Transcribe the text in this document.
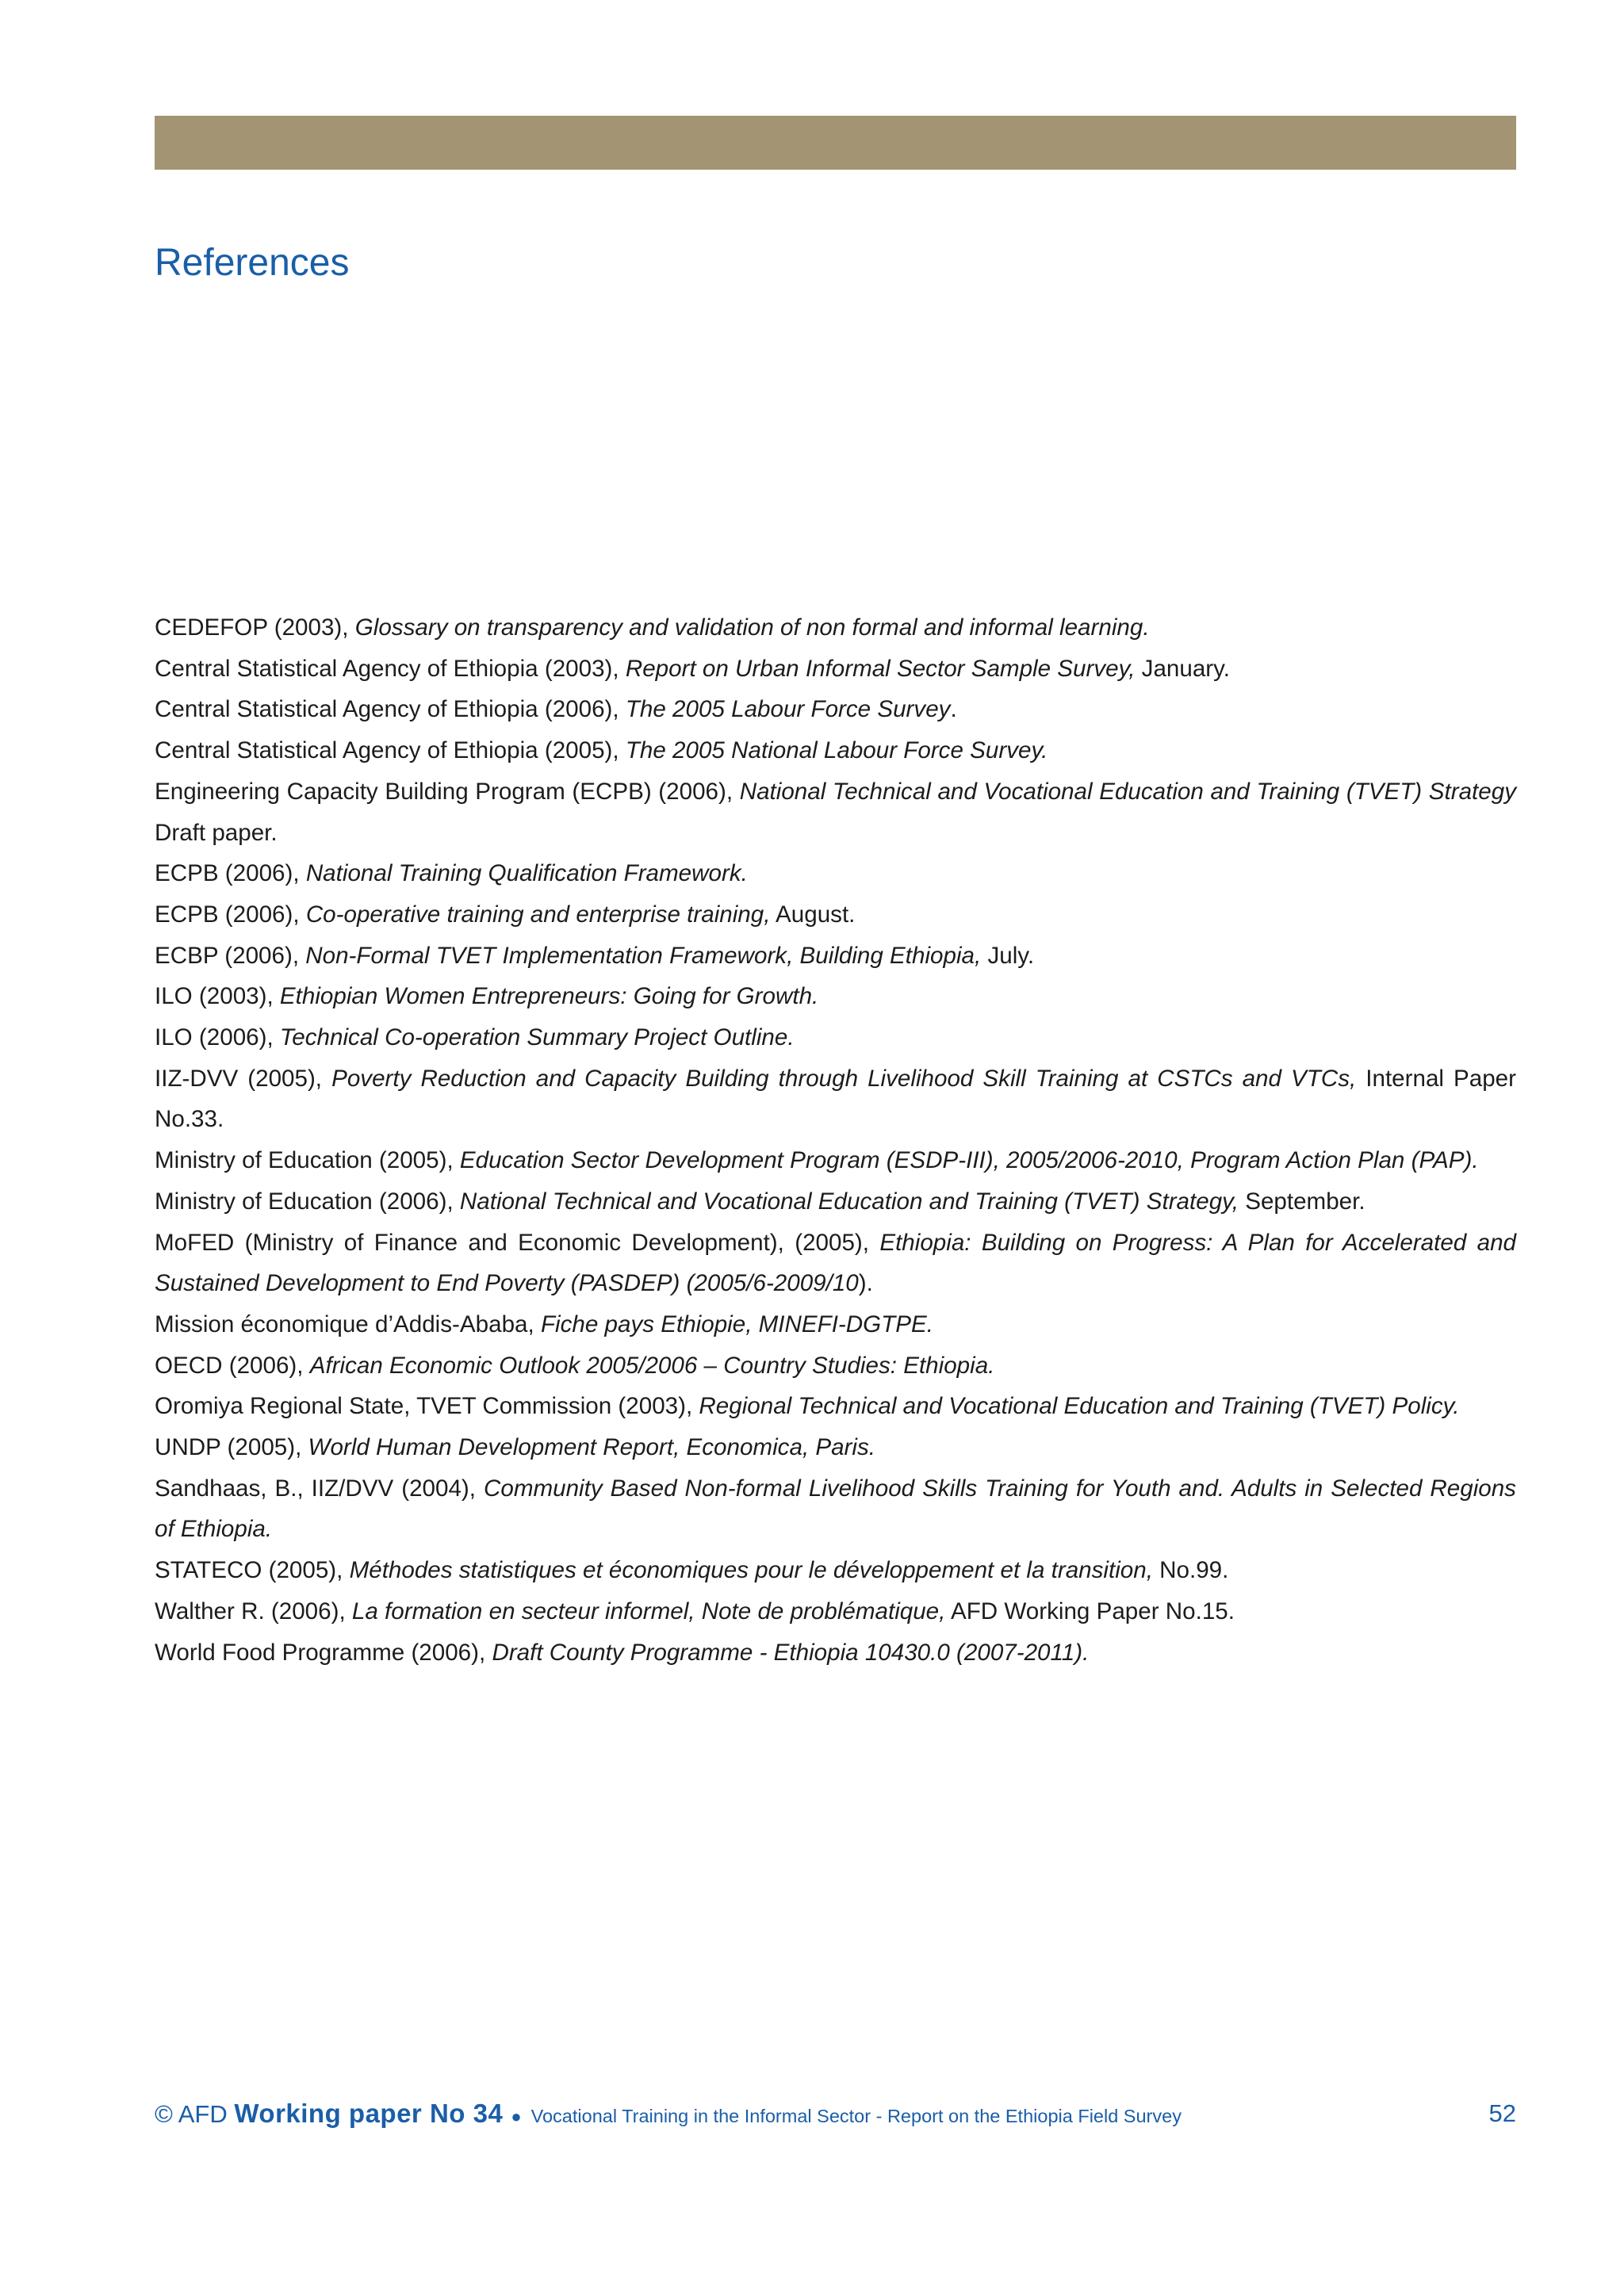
References

CEDEFOP (2003), Glossary on transparency and validation of non formal and informal learning.

Central Statistical Agency of Ethiopia (2003), Report on Urban Informal Sector Sample Survey, January.

Central Statistical Agency of Ethiopia (2006), The 2005 Labour Force Survey.

Central Statistical Agency of Ethiopia (2005), The 2005 National Labour Force Survey.

Engineering Capacity Building Program (ECPB) (2006), National Technical and Vocational Education and Training (TVET) Strategy Draft paper.

ECPB (2006), National Training Qualification Framework.

ECPB (2006), Co-operative training and enterprise training, August.

ECBP (2006), Non-Formal TVET Implementation Framework, Building Ethiopia, July.

ILO (2003), Ethiopian Women Entrepreneurs: Going for Growth.

ILO (2006), Technical Co-operation Summary Project Outline.

IIZ-DVV (2005), Poverty Reduction and Capacity Building through Livelihood Skill Training at CSTCs and VTCs, Internal Paper No.33.

Ministry of Education (2005), Education Sector Development Program (ESDP-III), 2005/2006-2010, Program Action Plan (PAP).

Ministry of Education (2006), National Technical and Vocational Education and Training (TVET) Strategy, September.

MoFED (Ministry of Finance and Economic Development), (2005), Ethiopia: Building on Progress: A Plan for Accelerated and Sustained Development to End Poverty (PASDEP) (2005/6-2009/10).

Mission économique d’Addis-Ababa, Fiche pays Ethiopie, MINEFI-DGTPE.

OECD (2006), African Economic Outlook 2005/2006 – Country Studies: Ethiopia.

Oromiya Regional State, TVET Commission (2003), Regional Technical and Vocational Education and Training (TVET) Policy.

UNDP (2005), World Human Development Report, Economica, Paris.

Sandhaas, B., IIZ/DVV (2004), Community Based Non-formal Livelihood Skills Training for Youth and. Adults in Selected Regions of Ethiopia.

STATECO (2005), Méthodes statistiques et économiques pour le développement et la transition, No.99.

Walther R. (2006), La formation en secteur informel, Note de problématique, AFD Working Paper No.15.

World Food Programme (2006), Draft County Programme - Ethiopia 10430.0 (2007-2011).

© AFD Working paper No 34 ● Vocational Training in the Informal Sector - Report on the Ethiopia Field Survey	52
